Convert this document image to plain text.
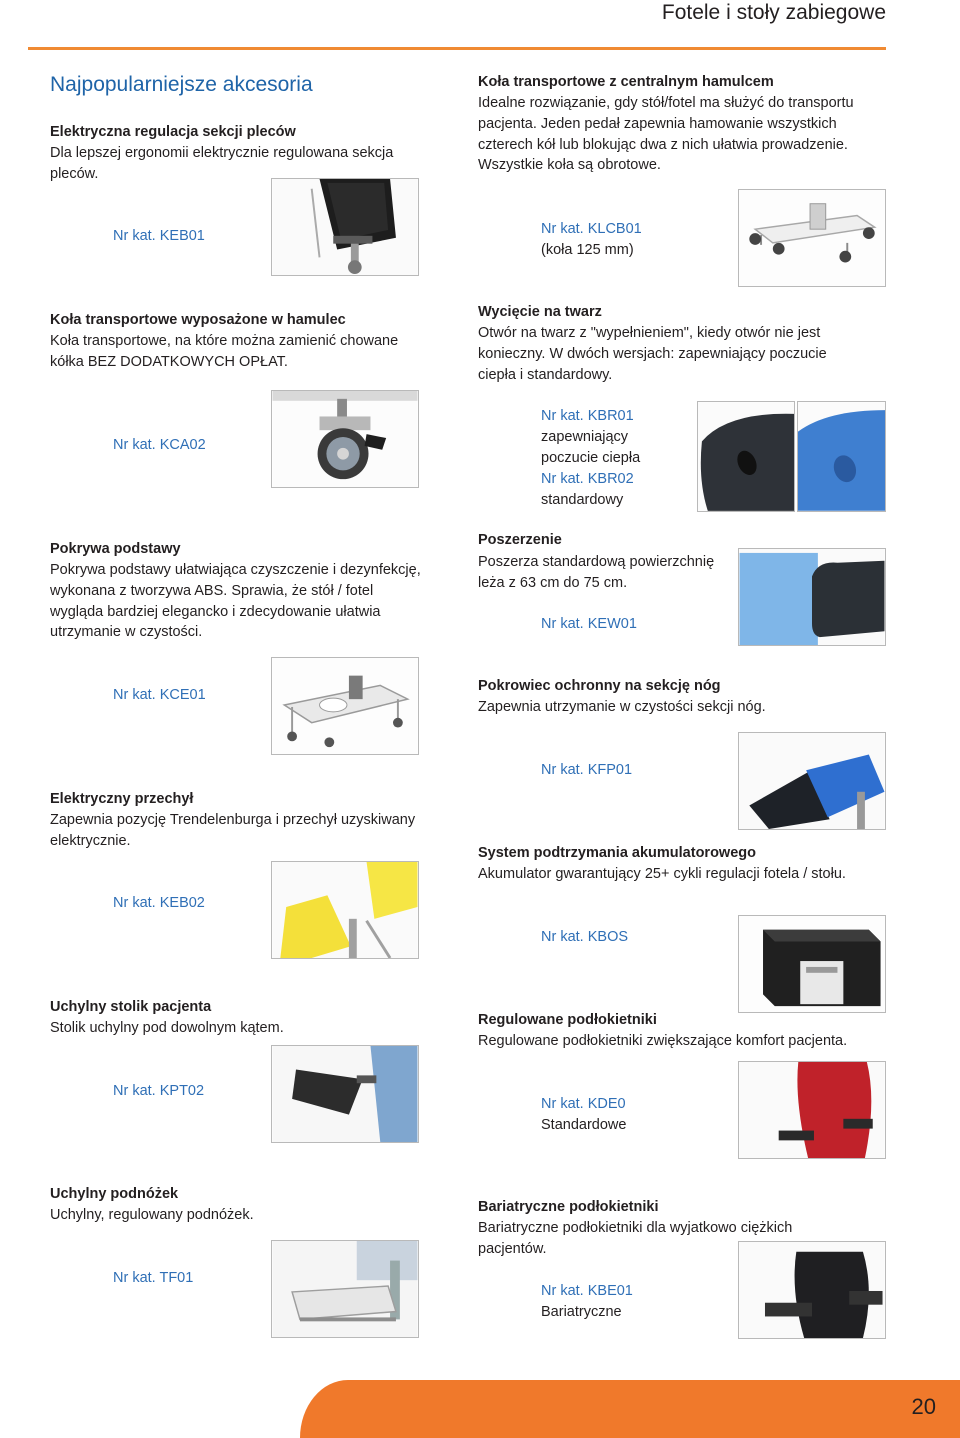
Fotele i stoły zabiegowe
Najpopularniejsze akcesoria
Elektryczna regulacja sekcji pleców
Dla lepszej ergonomii elektrycznie regulowana sekcja
pleców.
Nr kat. KEB01
Koła transportowe wyposażone w hamulec
Koła transportowe, na które można zamienić chowane
kółka BEZ DODATKOWYCH OPŁAT.
Nr kat. KCA02
Pokrywa podstawy
Pokrywa podstawy ułatwiająca czyszczenie i dezynfekcję,
wykonana z tworzywa ABS. Sprawia, że stół / fotel
wygląda bardziej elegancko i zdecydowanie ułatwia
utrzymanie w czystości.
Nr kat. KCE01
Elektryczny przechył
Zapewnia pozycję Trendelenburga i przechył uzyskiwany
elektrycznie.
Nr kat. KEB02
Uchylny stolik pacjenta
Stolik uchylny pod dowolnym kątem.
Nr kat. KPT02
Uchylny podnóżek
Uchylny, regulowany podnóżek.
Nr kat. TF01
Koła transportowe z centralnym hamulcem
Idealne rozwiązanie, gdy stół/fotel ma służyć do transportu
pacjenta. Jeden pedał zapewnia hamowanie wszystkich
czterech kół lub blokując dwa z nich ułatwia prowadzenie.
Wszystkie koła są obrotowe.
Nr kat. KLCB01
(koła 125 mm)
Wycięcie na twarz
Otwór na twarz z "wypełnieniem", kiedy otwór nie jest
konieczny. W dwóch wersjach: zapewniający poczucie
ciepła i standardowy.
Nr kat. KBR01
zapewniający
poczucie ciepła
Nr kat. KBR02
standardowy
Poszerzenie
Poszerza standardową powierzchnię
leża z 63 cm do 75 cm.
Nr kat. KEW01
Pokrowiec ochronny na sekcję nóg
Zapewnia utrzymanie w czystości sekcji nóg.
Nr kat. KFP01
System podtrzymania akumulatorowego
Akumulator gwarantujący 25+ cykli regulacji fotela / stołu.
Nr kat. KBOS
Regulowane podłokietniki
Regulowane podłokietniki zwiększające komfort pacjenta.
Nr kat. KDE0
Standardowe
Bariatryczne podłokietniki
Bariatryczne podłokietniki dla wyjatkowo ciężkich
pacjentów.
Nr kat. KBE01
Bariatryczne
20
